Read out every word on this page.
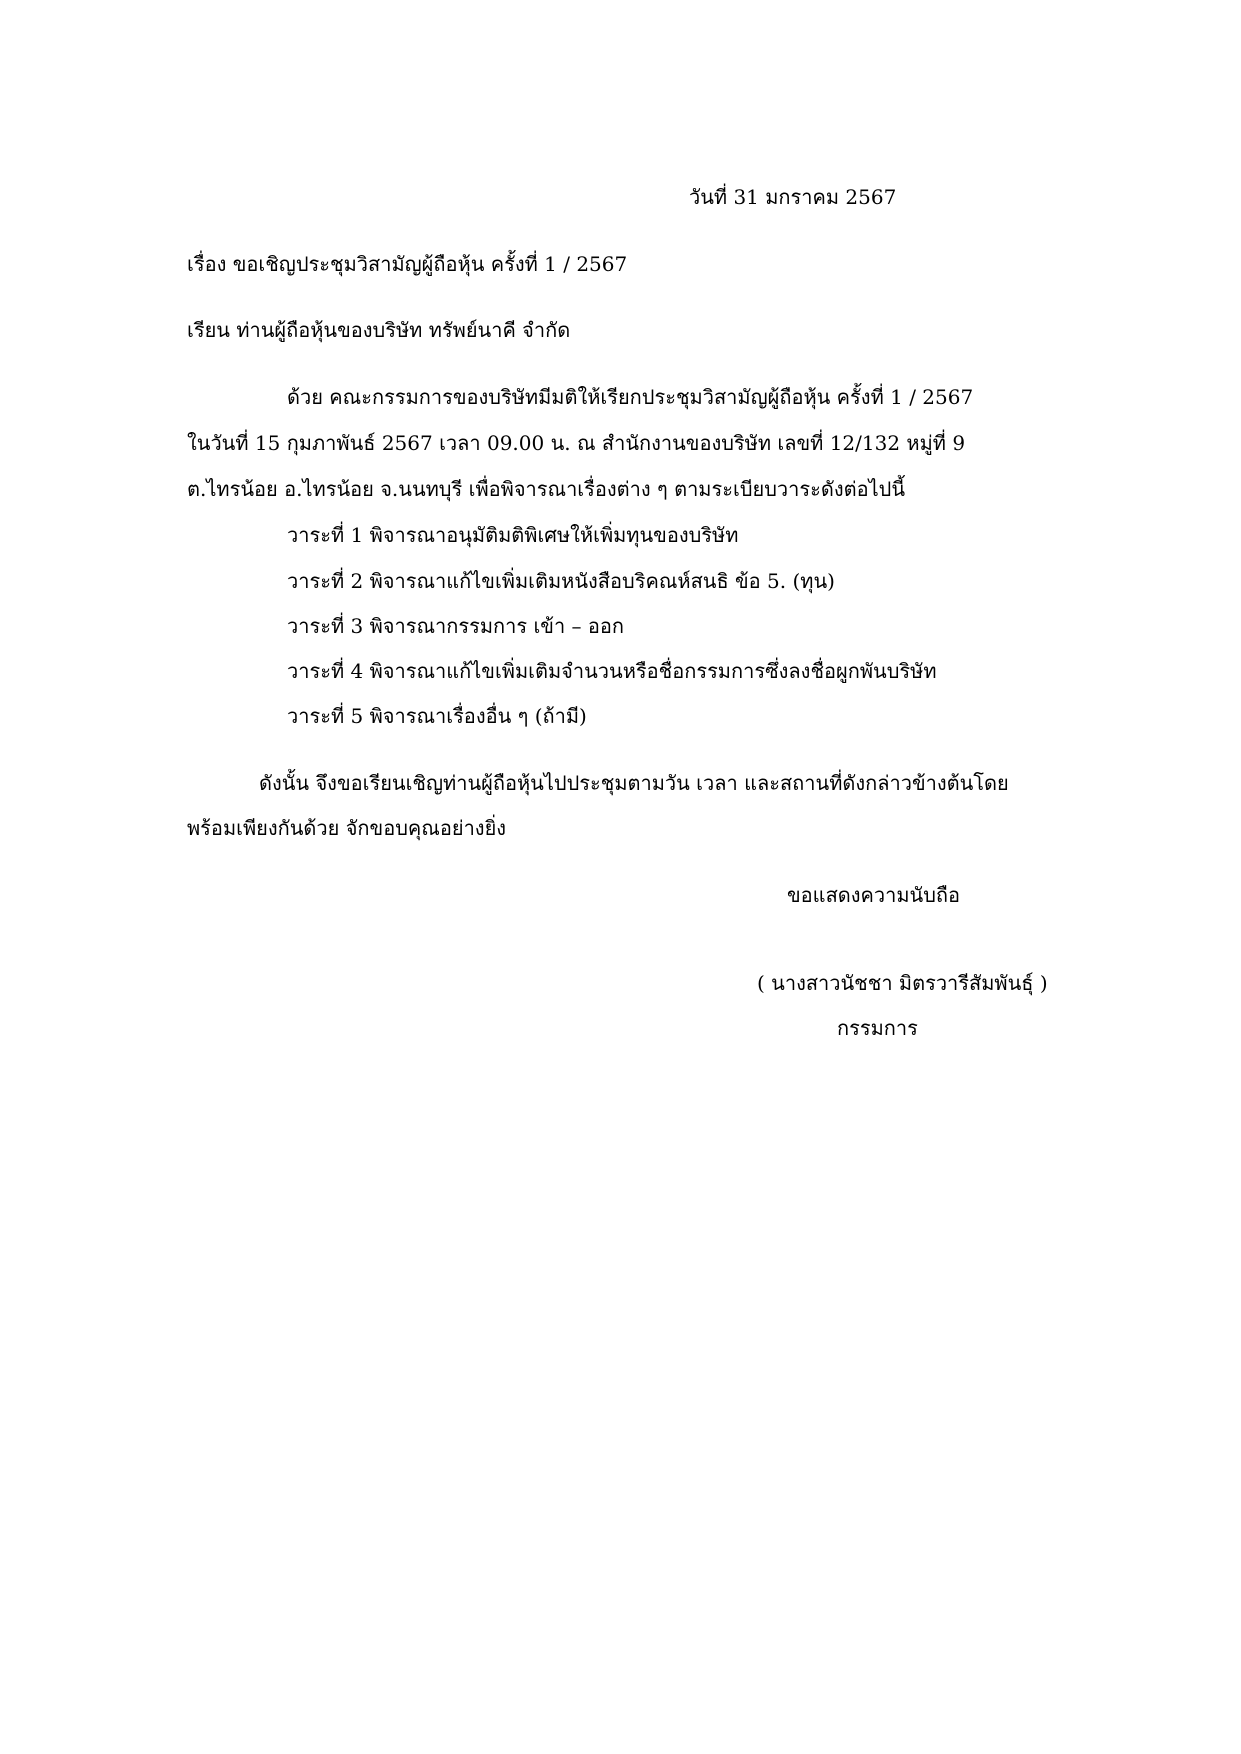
วันที่ 31 มกราคม 2567
เรื่อง ขอเชิญประชุมวิสามัญผู้ถือหุ้น ครั้งที่ 1 / 2567
เรียน ท่านผู้ถือหุ้นของบริษัท ทรัพย์นาคี จำกัด
ด้วย คณะกรรมการของบริษัทมีมติให้เรียกประชุมวิสามัญผู้ถือหุ้น ครั้งที่ 1 / 2567
ในวันที่ 15 กุมภาพันธ์ 2567 เวลา 09.00 น. ณ สำนักงานของบริษัท เลขที่ 12/132 หมู่ที่ 9
ต.ไทรน้อย อ.ไทรน้อย จ.นนทบุรี เพื่อพิจารณาเรื่องต่าง ๆ ตามระเบียบวาระดังต่อไปนี้
วาระที่ 1 พิจารณาอนุมัติมติพิเศษให้เพิ่มทุนของบริษัท
วาระที่ 2 พิจารณาแก้ไขเพิ่มเติมหนังสือบริคณห์สนธิ ข้อ 5. (ทุน)
วาระที่ 3 พิจารณากรรมการ เข้า – ออก
วาระที่ 4 พิจารณาแก้ไขเพิ่มเติมจำนวนหรือชื่อกรรมการซึ่งลงชื่อผูกพันบริษัท
วาระที่ 5 พิจารณาเรื่องอื่น ๆ (ถ้ามี)
ดังนั้น จึงขอเรียนเชิญท่านผู้ถือหุ้นไปประชุมตามวัน เวลา และสถานที่ดังกล่าวข้างต้นโดย
พร้อมเพียงกันด้วย จักขอบคุณอย่างยิ่ง
ขอแสดงความนับถือ
( นางสาวนัชชา มิตรวารีสัมพันธุ์ )
กรรมการ
